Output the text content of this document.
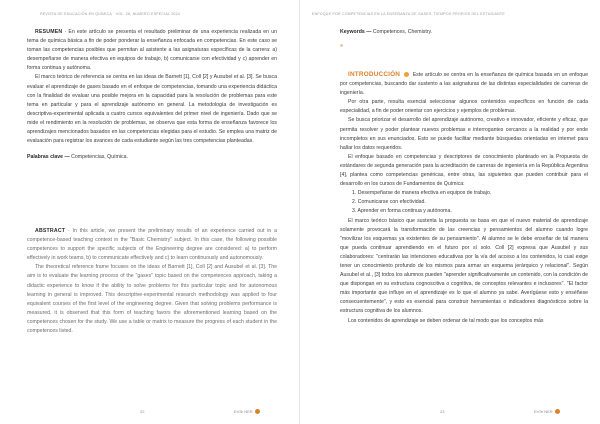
REVISTA DE EDUCACIÓN EN QUÍMICA · VOL. 28, NÚMERO ESPECIAL 2024

RESUMEN · En este artículo se presenta el resultado preliminar de una experiencia realizada en un tema de química básica a fin de poder ponderar la enseñanza enfocada en competencias. En este caso se toman las competencias posibles que permitan al asistente a las asignaturas específicas de la carrera: a) desempeñarse de manera efectiva en equipos de trabajo, b) comunicarse con efectividad y c) aprender en forma continua y autónoma.

El marco teórico de referencia se centra en las ideas de Barnett [1], Coll [2] y Ausubel et al. [3]. Se busca evaluar el aprendizaje de gases basado en el enfoque de competencias, tomando una experiencia didáctica con la finalidad de evaluar una posible mejora en la capacidad para la resolución de problemas para este tema en particular y para el aprendizaje autónomo en general. La metodología de investigación es descriptiva-experimental aplicada a cuatro cursos equivalentes del primer nivel de ingeniería. Dado que se mide el rendimiento en la resolución de problemas, se observa que esta forma de enseñanza favorece los aprendizajes mencionados basados en las competencias elegidas para el estudio. Se emplea una matriz de evaluación para registrar los avances de cada estudiante según las tres competencias planteadas.

Palabras clave — Competencias, Química.

ABSTRACT · In this article, we present the preliminary results of an experience carried out in a competence-based teaching context in the "Basic Chemistry" subject. In this case, the following possible competences to support the specific subjects of the Engineering degree are considered: a) to perform effectively in work teams, b) to communicate effectively and c) to learn continuously and autonomously.

The theoretical reference frame focuses on the ideas of Barnett [1], Coll [2] and Ausubel et al. [3]. The aim is to evaluate the learning process of the "gases" topic based on the competences approach, taking a didactic experience to know if the ability to solve problems for this particular topic and for autonomous learning in general is improved. This descriptive-experimental research methodology was applied to four equivalent courses of the first level of the engineering degree. Given that solving problems performance is measured, it is observed that this form of teaching favors the aforementioned learning based on the competences chosen for the study. We use a table or matrix to measure the progress of each student in the competences listed.

22
ENFOQUE POR COMPETENCIAS EN LA ENSEÑANZA DE GASES: TIEMPOS PROPIOS DEL ESTUDIANTE

Keywords — Competences, Chemistry.

»

INTRODUCCIÓN Este artículo se centra en la enseñanza de química basada en un enfoque por competencias, buscando dar sustento a las asignaturas de las distintas especialidades de carreras de ingeniería.

Por otra parte, resulta esencial seleccionar algunos contenidos específicos en función de cada especialidad, a fin de poder orientar con ejercicios y ejemplos de problemas.

Se busca priorizar el desarrollo del aprendizaje autónomo, creativo e innovador, eficiente y eficaz, que permita resolver y poder plantear nuevos problemas e interrogantes cercanos a la realidad y por ende incompletos en sus enunciados. Esto se puede facilitar mediante búsquedas orientadas en internet para hallar los datos requeridos.

El enfoque basado en competencias y descriptores de conocimiento planteado en la Propuesta de estándares de segunda generación para la acreditación de carreras de ingeniería en la República Argentina [4], plantea como competencias genéricas, entre otras, las siguientes que pueden contribuir para el desarrollo en los cursos de Fundamentos de Química:

1. Desempeñarse de manera efectiva en equipos de trabajo.
2. Comunicarse con efectividad.
3. Aprender en forma continua y autónoma.

El marco teórico básico que sustenta la propuesta se basa en que el nuevo material de aprendizaje solamente provocará la transformación de las creencias y pensamientos del alumno cuando logre "movilizar los esquemas ya existentes de su pensamiento". Al alumno se le debe enseñar de tal manera que pueda continuar aprendiendo en el futuro por sí solo. Coll [2] expresa que Ausubel y sus colaboradores: "centrarán las intenciones educativas por la vía del acceso a los contenidos, lo cual exige tener un conocimiento profundo de los mismos para armar un esquema jerárquico y relacional". Según Ausubel et al., [3] todos los alumnos pueden "aprender significativamente un contenido, con la condición de que dispongan en su estructura cognoscitiva o cognitiva, de conceptos relevantes e inclusores". "El factor más importante que influye en el aprendizaje es lo que el alumno ya sabe. Averígüese esto y enséñese consecuentemente", y esto es esencial para construir herramientas o indicadores diagnósticos sobre la estructura cognitiva de los alumnos.

Los contenidos de aprendizaje se deben ordenar de tal modo que los conceptos más

23	EnTe NER
EnTe NER
